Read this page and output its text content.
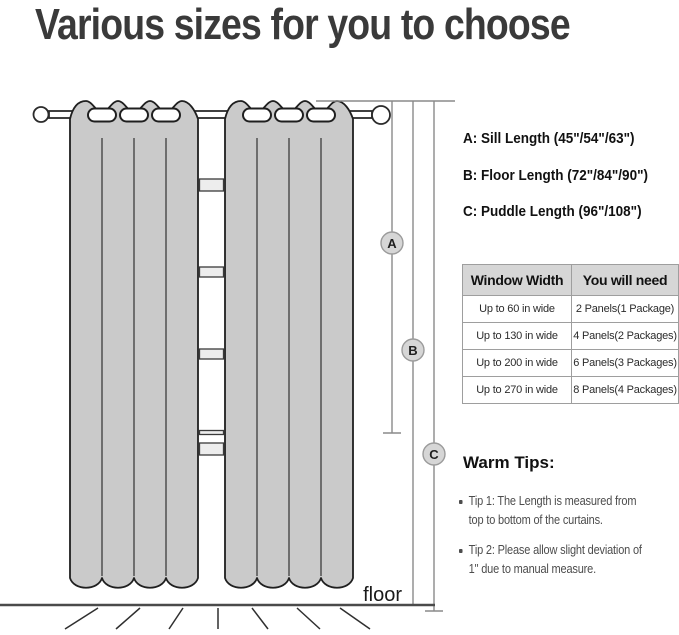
Various sizes for you to choose
A
B
C
floor
A: Sill Length (45"/54"/63")
B: Floor Length (72"/84"/90")
C: Puddle Length (96"/108")
Window Width	You will need
Up to 60 in wide	2 Panels(1 Package)
Up to 130 in wide	4 Panels(2 Packages)
Up to 200 in wide	6 Panels(3 Packages)
Up to 270 in wide	8 Panels(4 Packages)
Warm Tips:
Tip 1: The Length is measured from
top to bottom of the curtains.
Tip 2: Please allow slight deviation of
1" due to manual measure.
